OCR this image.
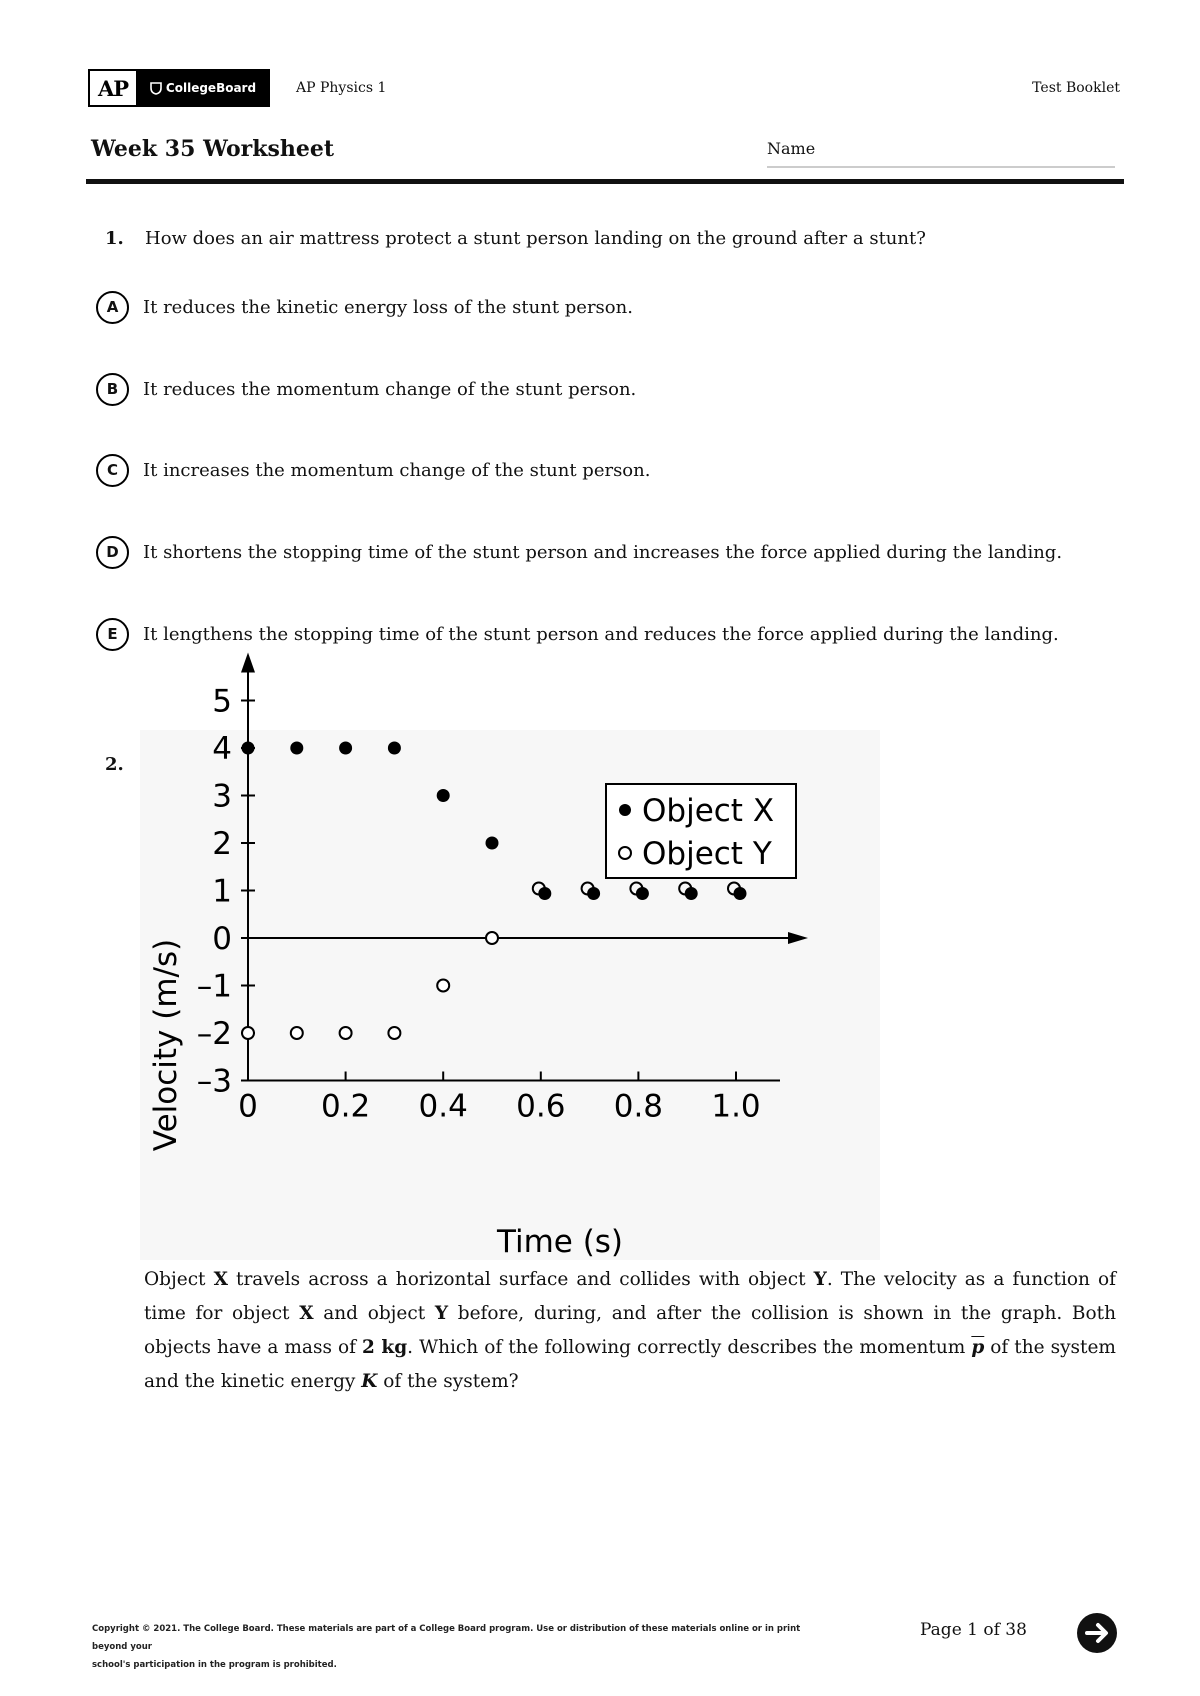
AP	CollegeBoard	AP Physics 1	Test Booklet
Week 35 Worksheet	Name
1. How does an air mattress protect a stunt person landing on the ground after a stunt?
A	It reduces the kinetic energy loss of the stunt person.
B	It reduces the momentum change of the stunt person.
C	It increases the momentum change of the stunt person.
D	It shortens the stopping time of the stunt person and increases the force applied during the landing.
E	It lengthens the stopping time of the stunt person and reduces the force applied during the landing.
2.
5
4
3
2
1
0
–1
–2
–3
0 0.2 0.4 0.6 0.8 1.0
Object X
Object Y
Time (s)
Velocity (m/s)
Object X travels across a horizontal surface and collides with object Y. The velocity as a function of time for object X and object Y before, during, and after the collision is shown in the graph. Both objects have a mass of 2 kg. Which of the following correctly describes the momentum $\overline{p}$ of the system and the kinetic energy K of the system?
Copyright © 2021. The College Board. These materials are part of a College Board program. Use or distribution of these materials online or in print beyond your
school's participation in the program is prohibited.
Page 1 of 38
